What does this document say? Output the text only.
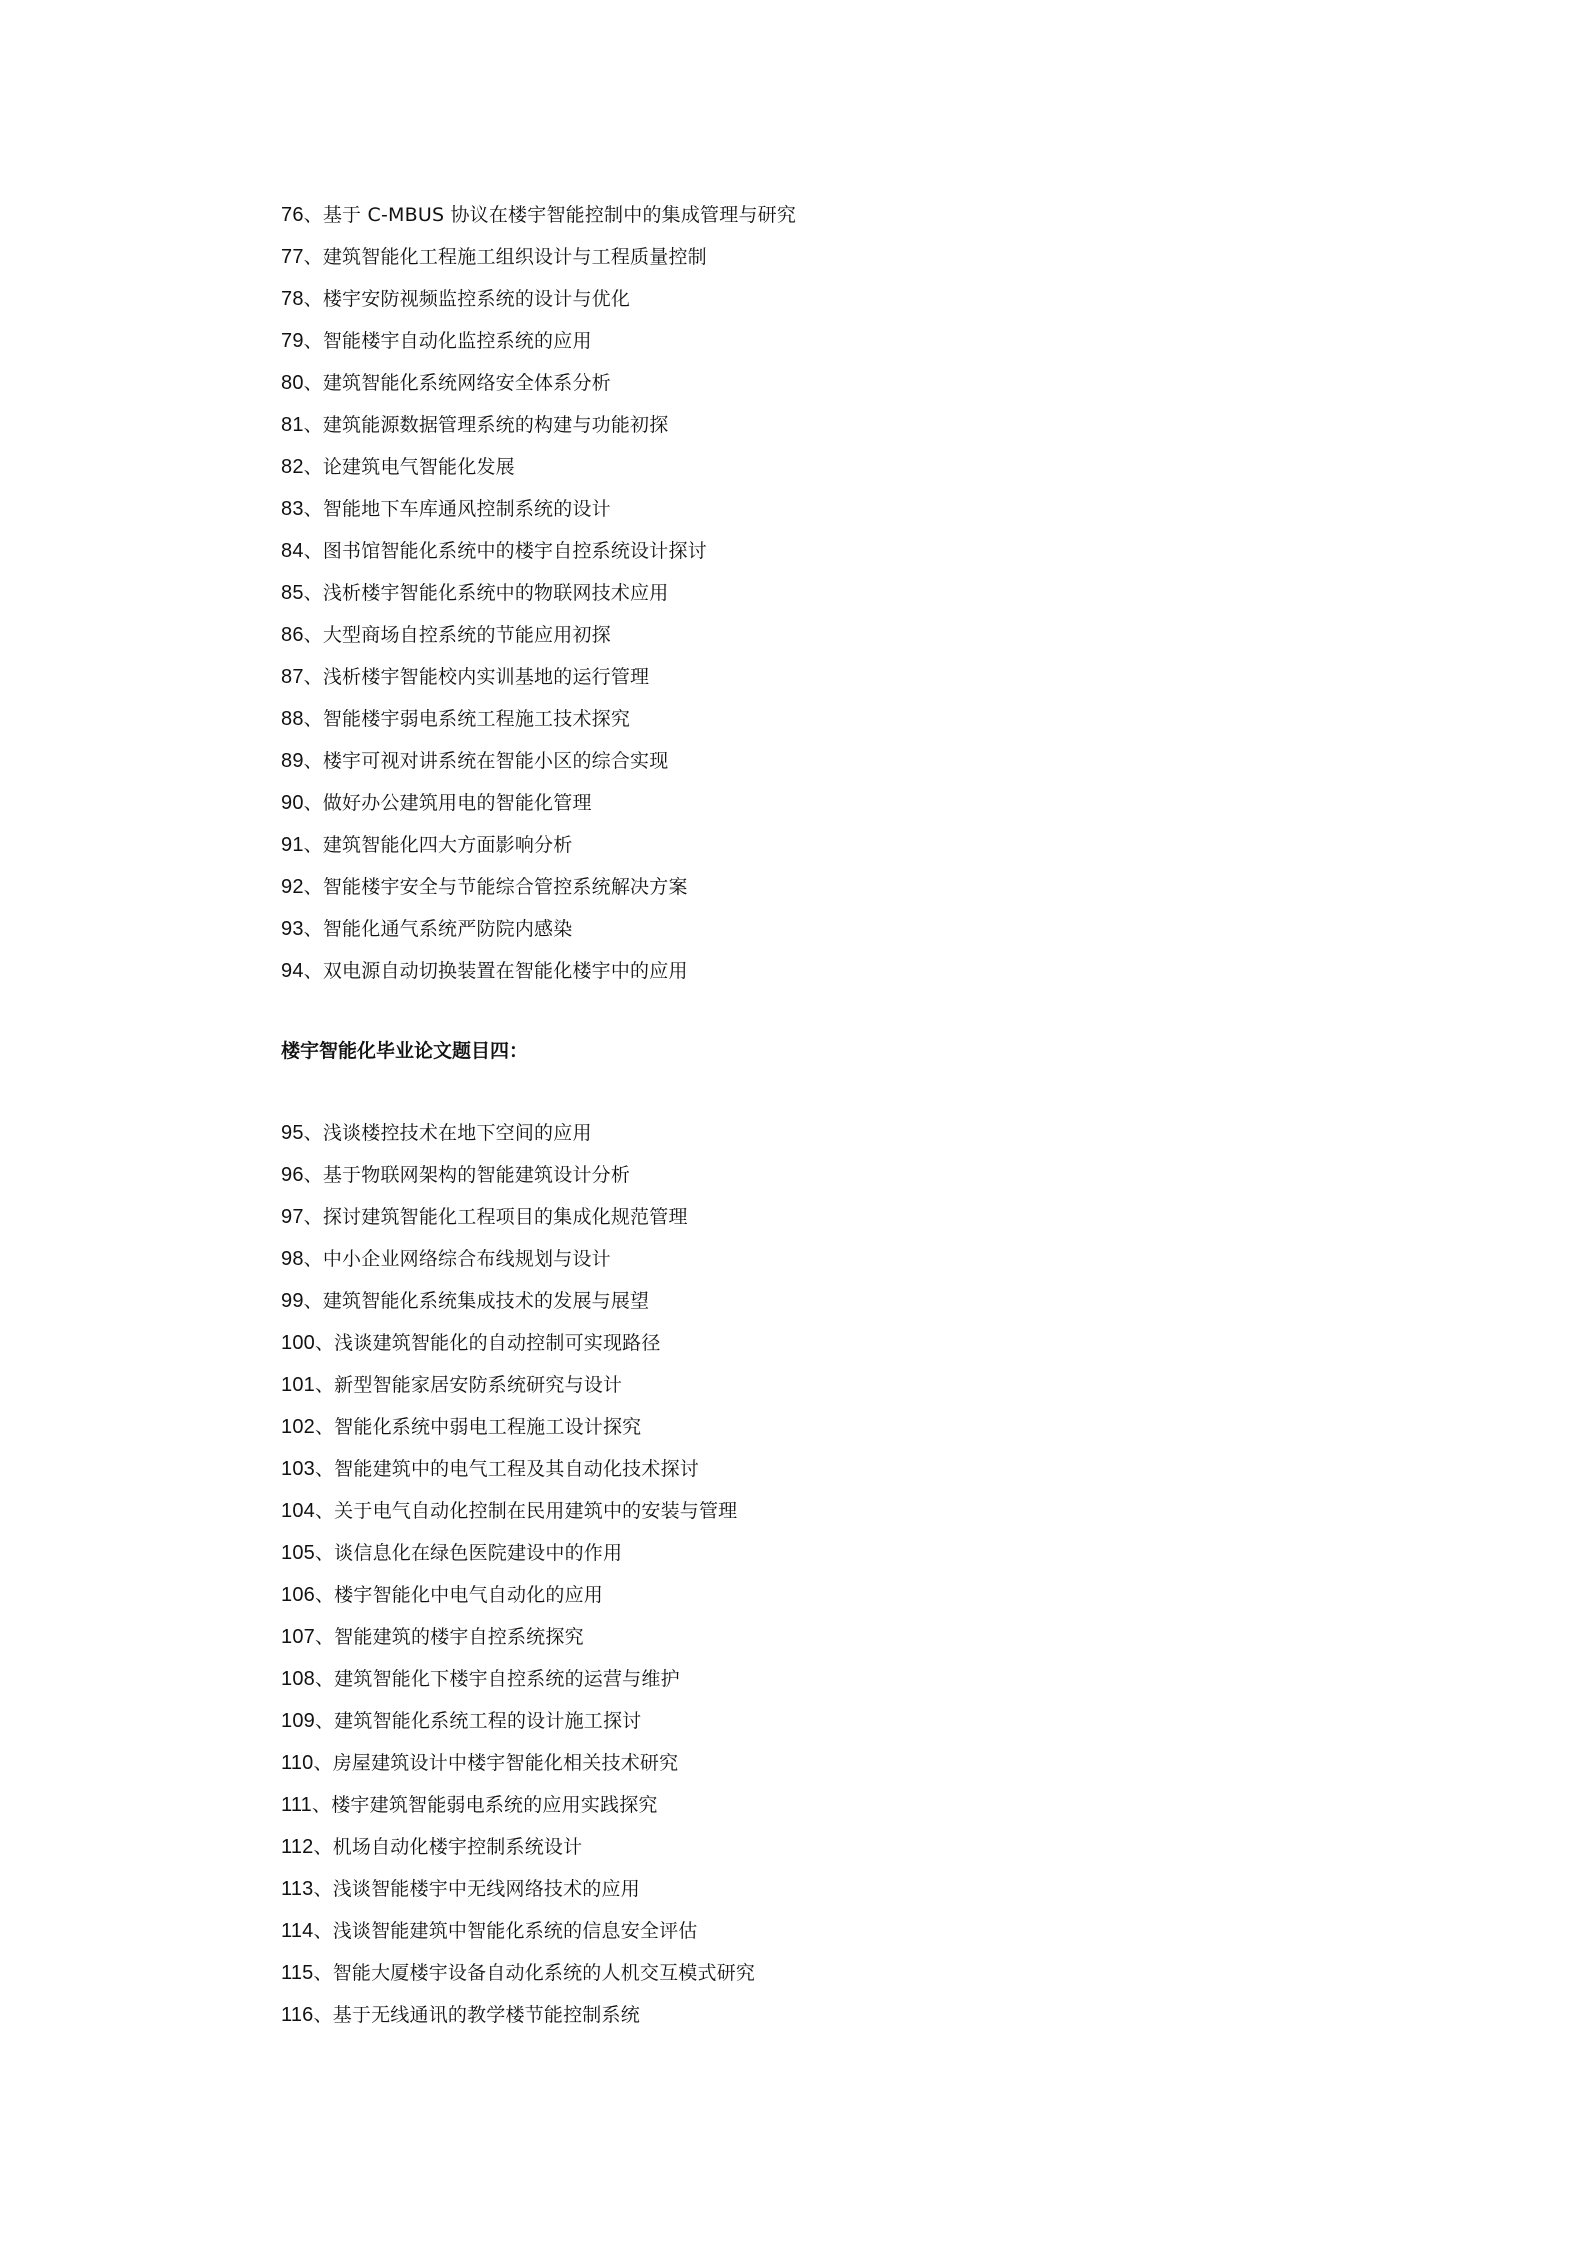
76、基于 C-MBUS 协议在楼宇智能控制中的集成管理与研究
77、建筑智能化工程施工组织设计与工程质量控制
78、楼宇安防视频监控系统的设计与优化
79、智能楼宇自动化监控系统的应用
80、建筑智能化系统网络安全体系分析
81、建筑能源数据管理系统的构建与功能初探
82、论建筑电气智能化发展
83、智能地下车库通风控制系统的设计
84、图书馆智能化系统中的楼宇自控系统设计探讨
85、浅析楼宇智能化系统中的物联网技术应用
86、大型商场自控系统的节能应用初探
87、浅析楼宇智能校内实训基地的运行管理
88、智能楼宇弱电系统工程施工技术探究
89、楼宇可视对讲系统在智能小区的综合实现
90、做好办公建筑用电的智能化管理
91、建筑智能化四大方面影响分析
92、智能楼宇安全与节能综合管控系统解决方案
93、智能化通气系统严防院内感染
94、双电源自动切换装置在智能化楼宇中的应用
楼宇智能化毕业论文题目四：
95、浅谈楼控技术在地下空间的应用
96、基于物联网架构的智能建筑设计分析
97、探讨建筑智能化工程项目的集成化规范管理
98、中小企业网络综合布线规划与设计
99、建筑智能化系统集成技术的发展与展望
100、浅谈建筑智能化的自动控制可实现路径
101、新型智能家居安防系统研究与设计
102、智能化系统中弱电工程施工设计探究
103、智能建筑中的电气工程及其自动化技术探讨
104、关于电气自动化控制在民用建筑中的安装与管理
105、谈信息化在绿色医院建设中的作用
106、楼宇智能化中电气自动化的应用
107、智能建筑的楼宇自控系统探究
108、建筑智能化下楼宇自控系统的运营与维护
109、建筑智能化系统工程的设计施工探讨
110、房屋建筑设计中楼宇智能化相关技术研究
111、楼宇建筑智能弱电系统的应用实践探究
112、机场自动化楼宇控制系统设计
113、浅谈智能楼宇中无线网络技术的应用
114、浅谈智能建筑中智能化系统的信息安全评估
115、智能大厦楼宇设备自动化系统的人机交互模式研究
116、基于无线通讯的教学楼节能控制系统
